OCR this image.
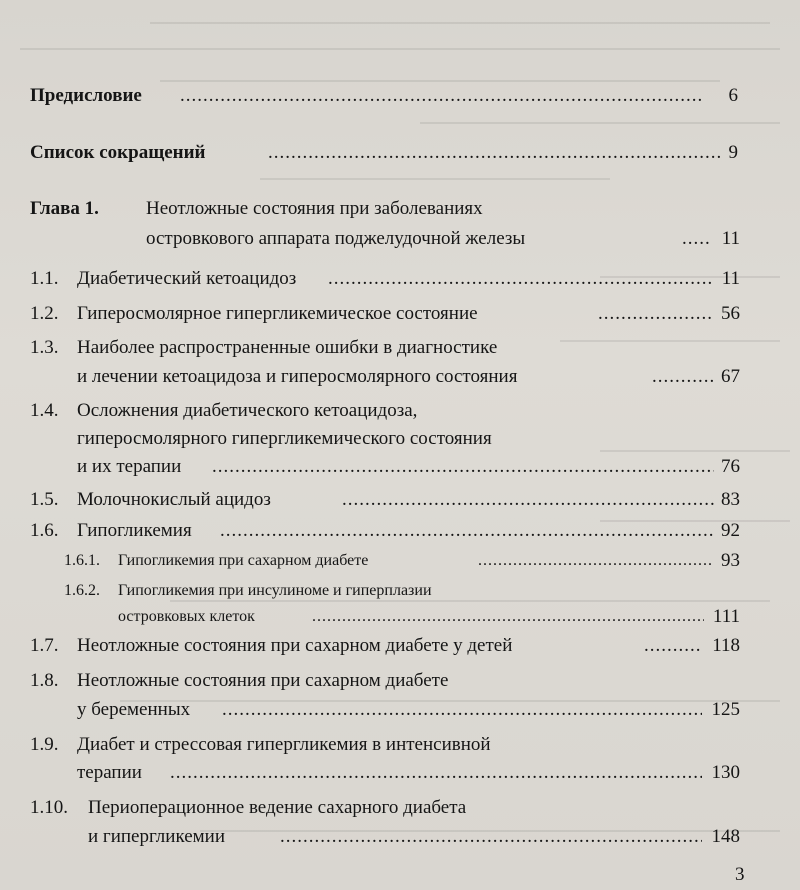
Предисловие .....	6
Список сокращений .....	9
Глава 1. Неотложные состояния при заболеваниях
островкового аппарата поджелудочной железы .....	11
1.1. Диабетический кетоацидоз .....	11
1.2. Гиперосмолярное гипергликемическое состояние .....	56
1.3. Наиболее распространенные ошибки в диагностике
и лечении кетоацидоза и гиперосмолярного состояния .....	67
1.4. Осложнения диабетического кетоацидоза,
гиперосмолярного гипергликемического состояния
и их терапии .....	76
1.5. Молочнокислый ацидоз .....	83
1.6. Гипогликемия .....	92
1.6.1. Гипогликемия при сахарном диабете .....	93
1.6.2. Гипогликемия при инсулиноме и гиперплазии
островковых клеток .....	111
1.7. Неотложные состояния при сахарном диабете у детей .....	118
1.8. Неотложные состояния при сахарном диабете
у беременных .....	125
1.9. Диабет и стрессовая гипергликемия в интенсивной
терапии .....	130
1.10. Периоперационное ведение сахарного диабета
и гипергликемии .....	148
3
